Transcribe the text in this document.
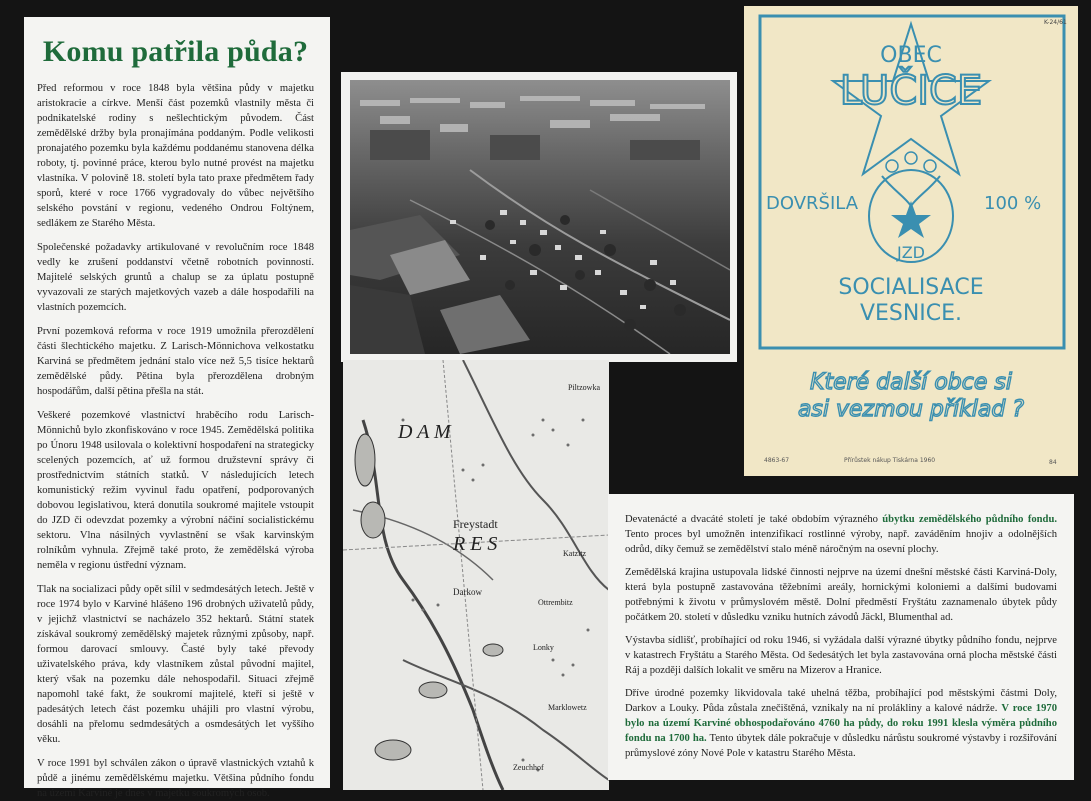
Komu patřila půda?

Před reformou v roce 1848 byla většina půdy v majetku aristokracie a církve. Menší část pozemků vlastnily města či podnikatelské rodiny s nešlechtickým původem. Část zemědělské držby byla pronajímána poddaným. Podle velikosti pronajatého pozemku byla každému poddanému stanovena délka roboty, tj. povinné práce, kterou bylo nutné provést na majetku vlastníka. V polovině 18. století byla tato praxe předmětem řady sporů, které v roce 1766 vygradovaly do vůbec největšího selského povstání v regionu, vedeného Ondrou Foltýnem, sedlákem ze Starého Města.

Společenské požadavky artikulované v revolučním roce 1848 vedly ke zrušení poddanství včetně robotních povinností. Majitelé selských gruntů a chalup se za úplatu postupně vyvazovali ze starých majetkových vazeb a dále hospodařili na vlastních pozemcích.

První pozemková reforma v roce 1919 umožnila přerozdělení části šlechtického majetku. Z Larisch-Mönnichova velkostatku Karviná se předmětem jednání stalo více než 5,5 tisíce hektarů zemědělské půdy. Pětina byla přerozdělena drobným hospodářům, další pětina přešla na stát.

Veškeré pozemkové vlastnictví hraběcího rodu Larisch-Mönnichů bylo zkonfiskováno v roce 1945. Zemědělská politika po Únoru 1948 usilovala o kolektivní hospodaření na strategicky scelených pozemcích, ať už formou družstevní správy či prostřednictvím státních statků. V následujících letech komunistický režim vyvinul řadu opatření, podporovaných dobovou legislativou, která donutila soukromé majitele vstoupit do JZD či odevzdat pozemky a výrobní náčiní socialistickému sektoru. Vlna násilných vyvlastnění se však karvinským rolníkům vyhnula. Zřejmě také proto, že zemědělská výroba neměla v regionu ústřední význam.

Tlak na socializaci půdy opět sílil v sedmdesátých letech. Ještě v roce 1974 bylo v Karviné hlášeno 196 drobných uživatelů půdy, v jejichž vlastnictví se nacházelo 352 hektarů. Státní statek získával soukromý zemědělský majetek různými způsoby, např. formou darovací smlouvy. Časté byly také převody uživatelského práva, kdy vlastníkem zůstal původní majitel, který však na pozemku dále nehospodařil. Situaci zřejmě napomohl také fakt, že soukromí majitelé, kteří si ještě v padesátých letech část pozemku uhájili pro vlastní výrobu, dosáhli na přelomu sedmdesátých a osmdesátých let vyššího věku.

V roce 1991 byl schválen zákon o úpravě vlastnických vztahů k půdě a jinému zemědělskému majetku. Většina půdního fondu na území Karviné je dnes v majetku soukromých osob.

D A M
Freystadt
R E S
Darkow
Piltzowka
Katzitz
Lonky
Zeuchhof
Marklowetz
Ottrembitz
K-24/61
OBEC
LUČICE
JZD
DOVRŠILA	100 %
SOCIALISACE
VESNICE.
Které další obce si
asi vezmou příklad ?
4863-67	Přírůstek nákup Tiskárna 1960	84

Devatenácté a dvacáté století je také obdobím výrazného úbytku zemědělského půdního fondu. Tento proces byl umožněn intenzifikací rostlinné výroby, např. zaváděním hnojiv a odolnějších odrůd, díky čemuž se zemědělství stalo méně náročným na osevní plochy.

Zemědělská krajina ustupovala lidské činnosti nejprve na území dnešní městské části Karviná-Doly, která byla postupně zastavována těžebními areály, hornickými koloniemi a dalšími budovami potřebnými k životu v průmyslovém městě. Dolní předměstí Fryštátu zaznamenalo úbytek půdy počátkem 20. století v důsledku vzniku hutních závodů Jäckl, Blumenthal ad.

Výstavba sídlišť, probíhající od roku 1946, si vyžádala další výrazné úbytky půdního fondu, nejprve v katastrech Fryštátu a Starého Města. Od šedesátých let byla zastavována orná plocha městské části Ráj a později dalších lokalit ve směru na Mizerov a Hranice.

Dříve úrodné pozemky likvidovala také uhelná těžba, probíhající pod městskými částmi Doly, Darkov a Louky. Půda zůstala znečištěná, vznikaly na ní prolákliny a kalové nádrže. V roce 1970 bylo na území Karviné obhospodařováno 4760 ha půdy, do roku 1991 klesla výměra půdního fondu na 1700 ha. Tento úbytek dále pokračuje v důsledku nárůstu soukromé výstavby i rozšiřování průmyslové zóny Nové Pole v katastru Starého Města.
